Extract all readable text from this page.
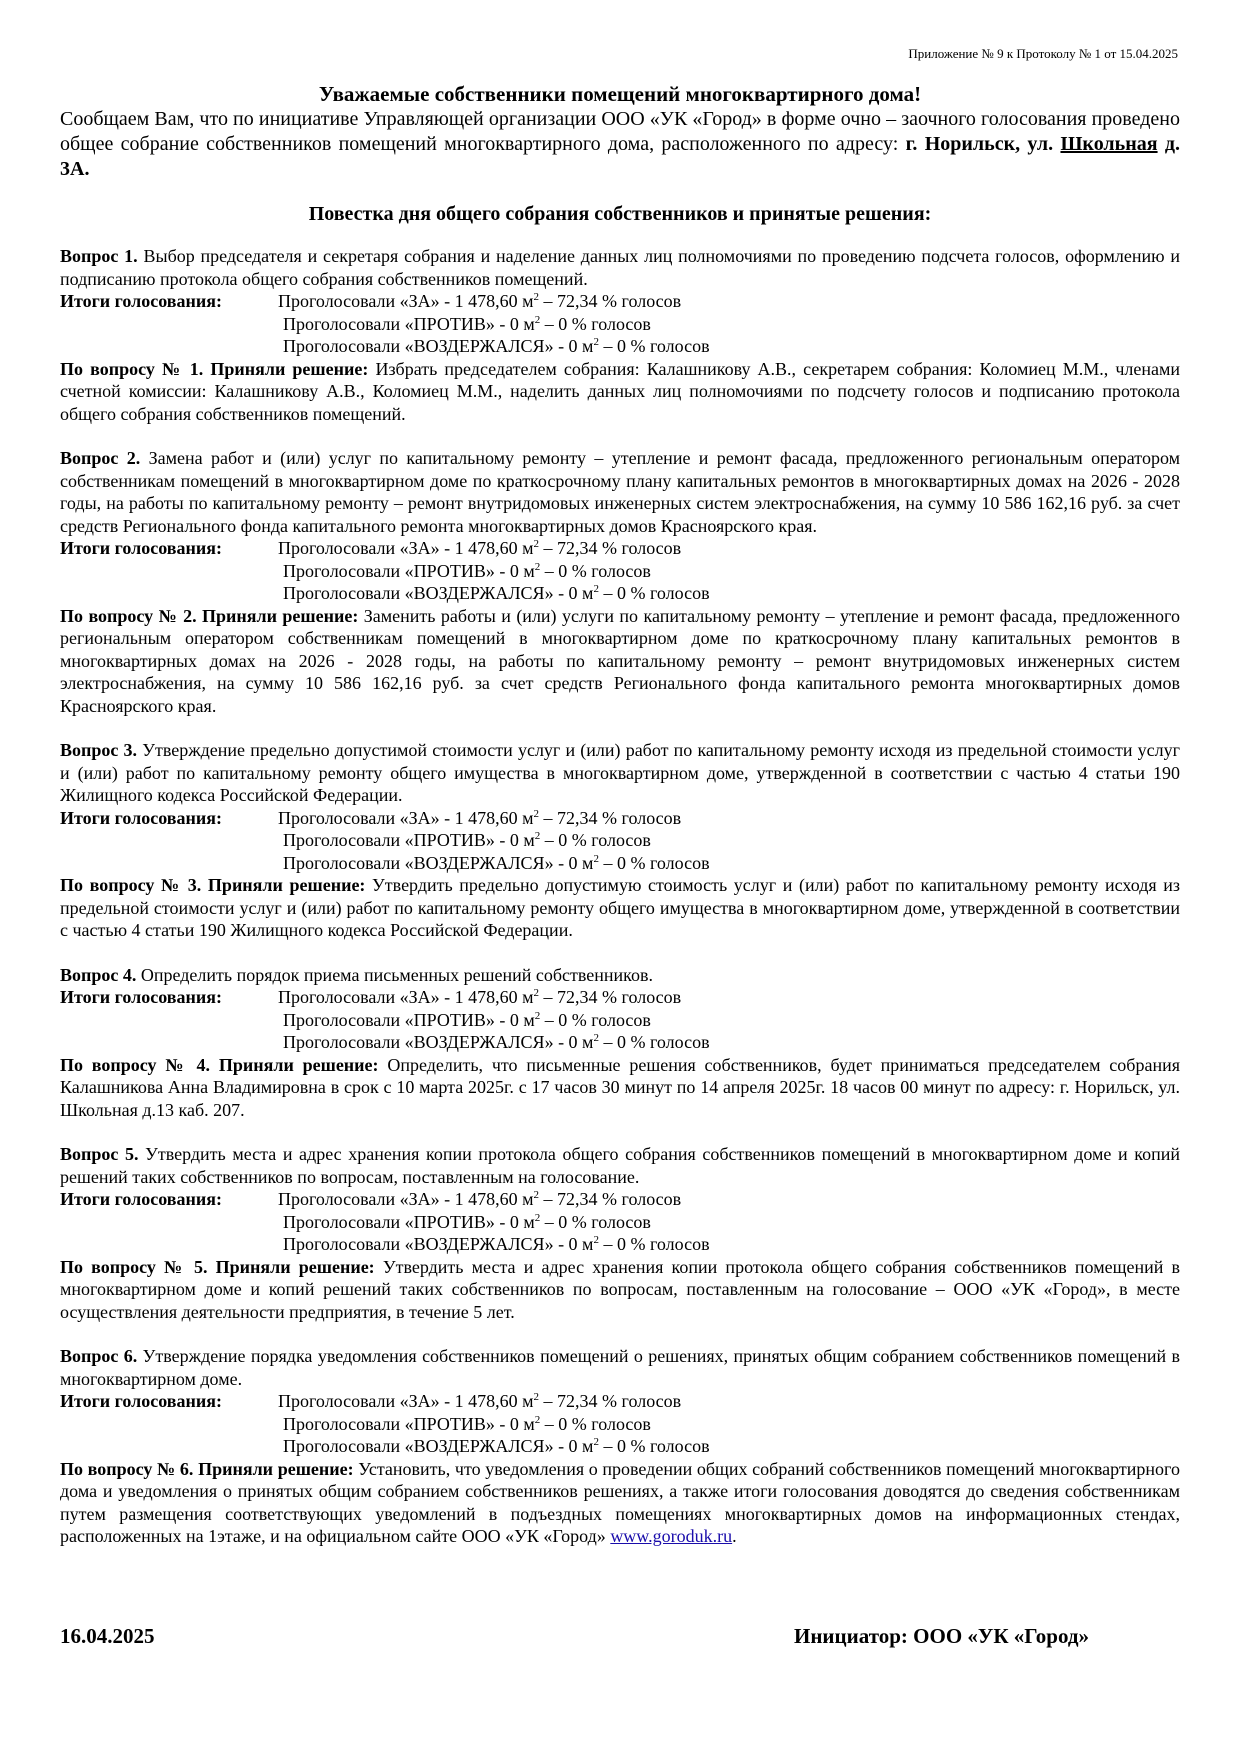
Приложение № 9 к Протоколу № 1 от 15.04.2025

Уважаемые собственники помещений многоквартирного дома!

Сообщаем Вам, что по инициативе Управляющей организации ООО «УК «Город» в форме очно – заочного голосования проведено общее собрание собственников помещений многоквартирного дома, расположенного по адресу: г. Норильск, ул. Школьная д. 3А.

Повестка дня общего собрания собственников и принятые решения:

Вопрос 1. Выбор председателя и секретаря собрания и наделение данных лиц полномочиями по проведению подсчета голосов, оформлению и подписанию протокола общего собрания собственников помещений.

Итоги голосования:	Проголосовали «ЗА» - 1 478,60 $м^2 - 72,34$ % голосов

Проголосовали «ПРОТИВ» - 0 $м^2 - 0$ % голосов

Проголосовали «ВОЗДЕРЖАЛСЯ» - 0 $м^2 - 0$ % голосов

По вопросу № 1. Приняли решение: Избрать председателем собрания: Калашникову А.В., секретарем собрания: Коломиец М.М., членами счетной комиссии: Калашникову А.В., Коломиец М.М., наделить данных лиц полномочиями по подсчету голосов и подписанию протокола общего собрания собственников помещений.

Вопрос 2. Замена работ и (или) услуг по капитальному ремонту – утепление и ремонт фасада, предложенного региональным оператором собственникам помещений в многоквартирном доме по краткосрочному плану капитальных ремонтов в многоквартирных домах на 2026 - 2028 годы, на работы по капитальному ремонту – ремонт внутридомовых инженерных систем электроснабжения, на сумму 10 586 162,16 руб. за счет средств Регионального фонда капитального ремонта многоквартирных домов Красноярского края.

Итоги голосования:	Проголосовали «ЗА» - 1 478,60 $м^2 - 72,34$ % голосов

Проголосовали «ПРОТИВ» - 0 $м^2 - 0$ % голосов

Проголосовали «ВОЗДЕРЖАЛСЯ» - 0 $м^2 - 0$ % голосов

По вопросу № 2. Приняли решение: Заменить работы и (или) услуги по капитальному ремонту – утепление и ремонт фасада, предложенного региональным оператором собственникам помещений в многоквартирном доме по краткосрочному плану капитальных ремонтов в многоквартирных домах на 2026 - 2028 годы, на работы по капитальному ремонту – ремонт внутридомовых инженерных систем электроснабжения, на сумму 10 586 162,16 руб. за счет средств Регионального фонда капитального ремонта многоквартирных домов Красноярского края.

Вопрос 3. Утверждение предельно допустимой стоимости услуг и (или) работ по капитальному ремонту исходя из предельной стоимости услуг и (или) работ по капитальному ремонту общего имущества в многоквартирном доме, утвержденной в соответствии с частью 4 статьи 190 Жилищного кодекса Российской Федерации.

Итоги голосования:	Проголосовали «ЗА» - 1 478,60 $м^2 - 72,34$ % голосов

Проголосовали «ПРОТИВ» - 0 $м^2 - 0$ % голосов

Проголосовали «ВОЗДЕРЖАЛСЯ» - 0 $м^2 - 0$ % голосов

По вопросу № 3. Приняли решение: Утвердить предельно допустимую стоимость услуг и (или) работ по капитальному ремонту исходя из предельной стоимости услуг и (или) работ по капитальному ремонту общего имущества в многоквартирном доме, утвержденной в соответствии с частью 4 статьи 190 Жилищного кодекса Российской Федерации.

Вопрос 4. Определить порядок приема письменных решений собственников.

Итоги голосования:	Проголосовали «ЗА» - 1 478,60 $м^2 - 72,34$ % голосов

Проголосовали «ПРОТИВ» - 0 $м^2 - 0$ % голосов

Проголосовали «ВОЗДЕРЖАЛСЯ» - 0 $м^2 - 0$ % голосов

По вопросу № 4. Приняли решение: Определить, что письменные решения собственников, будет приниматься председателем собрания Калашникова Анна Владимировна в срок с 10 марта 2025г. с 17 часов 30 минут по 14 апреля 2025г. 18 часов 00 минут по адресу: г. Норильск, ул. Школьная д.13 каб. 207.

Вопрос 5. Утвердить места и адрес хранения копии протокола общего собрания собственников помещений в многоквартирном доме и копий решений таких собственников по вопросам, поставленным на голосование.

Итоги голосования:	Проголосовали «ЗА» - 1 478,60 $м^2 - 72,34$ % голосов

Проголосовали «ПРОТИВ» - 0 $м^2 - 0$ % голосов

Проголосовали «ВОЗДЕРЖАЛСЯ» - 0 $м^2 - 0$ % голосов

По вопросу № 5. Приняли решение: Утвердить места и адрес хранения копии протокола общего собрания собственников помещений в многоквартирном доме и копий решений таких собственников по вопросам, поставленным на голосование – ООО «УК «Город», в месте осуществления деятельности предприятия, в течение 5 лет.

Вопрос 6. Утверждение порядка уведомления собственников помещений о решениях, принятых общим собранием собственников помещений в многоквартирном доме.

Итоги голосования:	Проголосовали «ЗА» - 1 478,60 $м^2 - 72,34$ % голосов

Проголосовали «ПРОТИВ» - 0 $м^2 - 0$ % голосов

Проголосовали «ВОЗДЕРЖАЛСЯ» - 0 $м^2 - 0$ % голосов

По вопросу № 6. Приняли решение: Установить, что уведомления о проведении общих собраний собственников помещений многоквартирного дома и уведомления о принятых общим собранием собственников решениях, а также итоги голосования доводятся до сведения собственникам путем размещения соответствующих уведомлений в подъездных помещениях многоквартирных домов на информационных стендах, расположенных на 1этаже, и на официальном сайте ООО «УК «Город» www.goroduk.ru.

16.04.2025	Инициатор: ООО «УК «Город»
